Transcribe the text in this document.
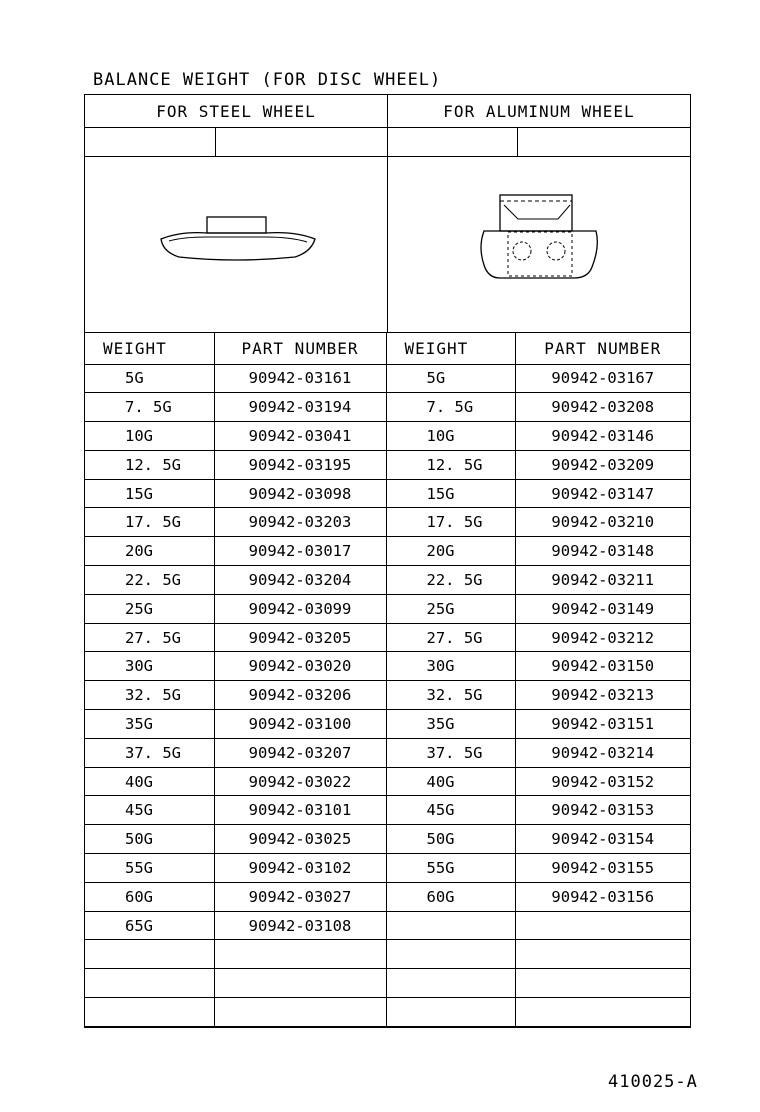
BALANCE WEIGHT (FOR DISC WHEEL)
FOR STEEL WHEEL	FOR ALUMINUM WHEEL
WEIGHT	PART NUMBER	WEIGHT	PART NUMBER
5G	90942-03161	5G	90942-03167
7. 5G	90942-03194	7. 5G	90942-03208
10G	90942-03041	10G	90942-03146
12. 5G	90942-03195	12. 5G	90942-03209
15G	90942-03098	15G	90942-03147
17. 5G	90942-03203	17. 5G	90942-03210
20G	90942-03017	20G	90942-03148
22. 5G	90942-03204	22. 5G	90942-03211
25G	90942-03099	25G	90942-03149
27. 5G	90942-03205	27. 5G	90942-03212
30G	90942-03020	30G	90942-03150
32. 5G	90942-03206	32. 5G	90942-03213
35G	90942-03100	35G	90942-03151
37. 5G	90942-03207	37. 5G	90942-03214
40G	90942-03022	40G	90942-03152
45G	90942-03101	45G	90942-03153
50G	90942-03025	50G	90942-03154
55G	90942-03102	55G	90942-03155
60G	90942-03027	60G	90942-03156
65G	90942-03108		

410025-A
